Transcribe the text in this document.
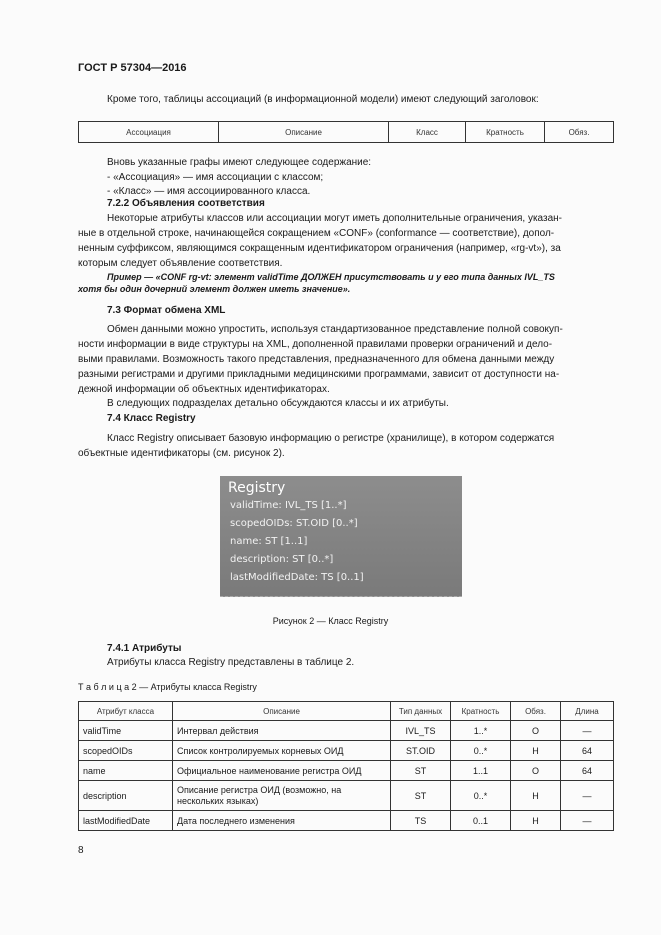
ГОСТ Р 57304—2016
Кроме того, таблицы ассоциаций (в информационной модели) имеют следующий заголовок:
Ассоциация	Описание	Класс	Кратность	Обяз.
Вновь указанные графы имеют следующее содержание:
- «Ассоциация» — имя ассоциации с классом;
- «Класс» — имя ассоциированного класса.
7.2.2 Объявления соответствия
Некоторые атрибуты классов или ассоциации могут иметь дополнительные ограничения, указан-
ные в отдельной строке, начинающейся сокращением «CONF» (conformance — соответствие), допол-
ненным суффиксом, являющимся сокращенным идентификатором ограничения (например, «rg-vt»), за
которым следует объявление соответствия.
Пример — «CONF rg-vt: элемент validTime ДОЛЖЕН присутствовать и у его типа данных IVL_TS
хотя бы один дочерний элемент должен иметь значение».
7.3 Формат обмена XML
Обмен данными можно упростить, используя стандартизованное представление полной совокуп-
ности информации в виде структуры на XML, дополненной правилами проверки ограничений и дело-
выми правилами. Возможность такого представления, предназначенного для обмена данными между
разными регистрами и другими прикладными медицинскими программами, зависит от доступности на-
дежной информации об объектных идентификаторах.
В следующих подразделах детально обсуждаются классы и их атрибуты.
7.4 Класс Registry
Класс Registry описывает базовую информацию о регистре (хранилище), в котором содержатся
объектные идентификаторы (см. рисунок 2).
Registry
validTime: IVL_TS [1..*]
scopedOIDs: ST.OID [0..*]
name: ST [1..1]
description: ST [0..*]
lastModifiedDate: TS [0..1]
Рисунок 2 — Класс Registry
7.4.1 Атрибуты
Атрибуты класса Registry представлены в таблице 2.
Т а б л и ц а 2 — Атрибуты класса Registry
Атрибут класса	Описание	Тип данных	Кратность	Обяз.	Длина
validTime	Интервал действия	IVL_TS	1..*	О	—
scopedOIDs	Список контролируемых корневых ОИД	ST.OID	0..*	Н	64
name	Официальное наименование регистра ОИД	ST	1..1	О	64
description	Описание регистра ОИД (возможно, на нескольких языках)	ST	0..*	Н	—
lastModifiedDate	Дата последнего изменения	TS	0..1	Н	—
8
